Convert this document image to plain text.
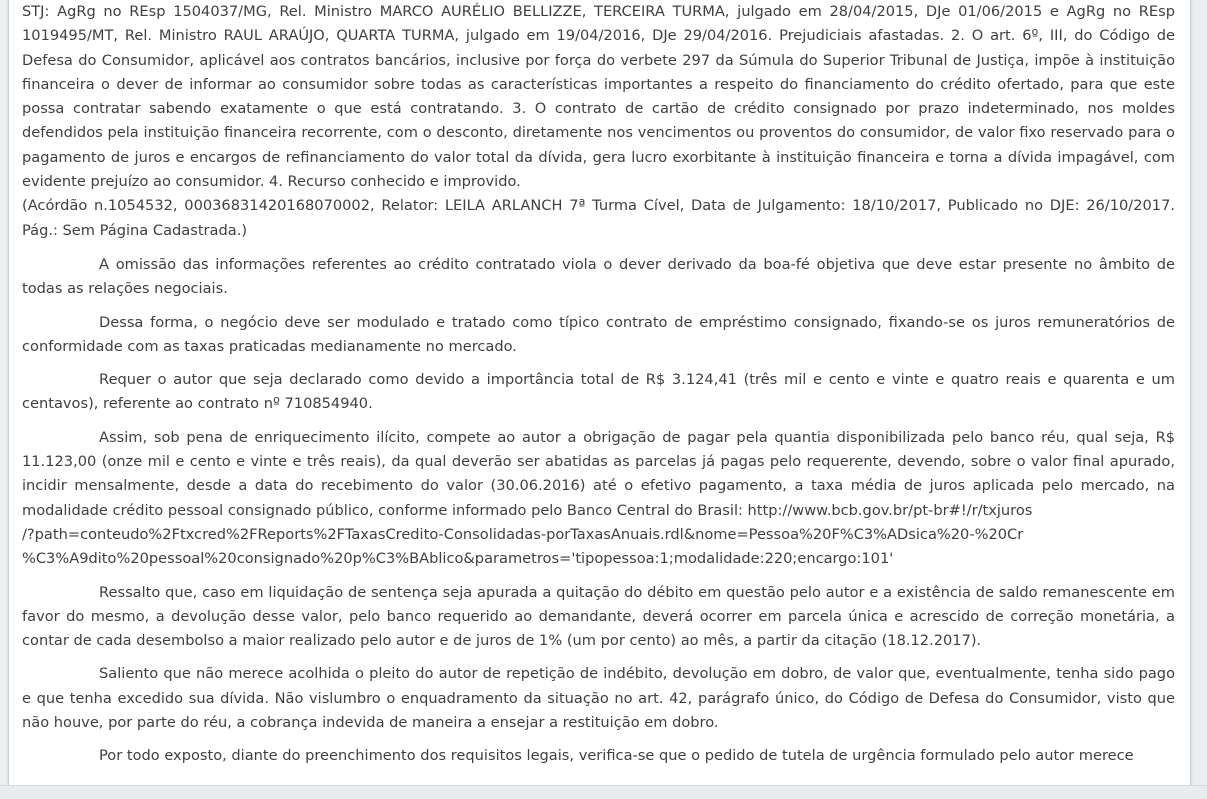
STJ: AgRg no REsp 1504037/MG, Rel. Ministro MARCO AURÉLIO BELLIZZE, TERCEIRA TURMA, julgado em 28/04/2015, DJe 01/06/2015 e AgRg no REsp 1019495/MT, Rel. Ministro RAUL ARAÚJO, QUARTA TURMA, julgado em 19/04/2016, DJe 29/04/2016. Prejudiciais afastadas. 2. O art. 6º, III, do Código de Defesa do Consumidor, aplicável aos contratos bancários, inclusive por força do verbete 297 da Súmula do Superior Tribunal de Justiça, impõe à instituição financeira o dever de informar ao consumidor sobre todas as características importantes a respeito do financiamento do crédito ofertado, para que este possa contratar sabendo exatamente o que está contratando. 3. O contrato de cartão de crédito consignado por prazo indeterminado, nos moldes defendidos pela instituição financeira recorrente, com o desconto, diretamente nos vencimentos ou proventos do consumidor, de valor fixo reservado para o pagamento de juros e encargos de refinanciamento do valor total da dívida, gera lucro exorbitante à instituição financeira e torna a dívida impagável, com evidente prejuízo ao consumidor. 4. Recurso conhecido e improvido.

(Acórdão n.1054532, 00036831420168070002, Relator: LEILA ARLANCH 7ª Turma Cível, Data de Julgamento: 18/10/2017, Publicado no DJE: 26/10/2017. Pág.: Sem Página Cadastrada.)

A omissão das informações referentes ao crédito contratado viola o dever derivado da boa-fé objetiva que deve estar presente no âmbito de todas as relações negociais.

Dessa forma, o negócio deve ser modulado e tratado como típico contrato de empréstimo consignado, fixando-se os juros remuneratórios de conformidade com as taxas praticadas medianamente no mercado.

Requer o autor que seja declarado como devido a importância total de R$ 3.124,41 (três mil e cento e vinte e quatro reais e quarenta e um centavos), referente ao contrato nº 710854940.

Assim, sob pena de enriquecimento ilícito, compete ao autor a obrigação de pagar pela quantia disponibilizada pelo banco réu, qual seja, R$ 11.123,00 (onze mil e cento e vinte e três reais), da qual deverão ser abatidas as parcelas já pagas pelo requerente, devendo, sobre o valor final apurado, incidir mensalmente, desde a data do recebimento do valor (30.06.2016) até o efetivo pagamento, a taxa média de juros aplicada pelo mercado, na modalidade crédito pessoal consignado público, conforme informado pelo Banco Central do Brasil: http://www.bcb.gov.br/pt-br#!/r/txjuros

/?path=conteudo%2Ftxcred%2FReports%2FTaxasCredito-Consolidadas-porTaxasAnuais.rdl&nome=Pessoa%20F%C3%ADsica%20-%20Cr

%C3%A9dito%20pessoal%20consignado%20p%C3%BAblico&parametros='tipopessoa:1;modalidade:220;encargo:101'

Ressalto que, caso em liquidação de sentença seja apurada a quitação do débito em questão pelo autor e a existência de saldo remanescente em favor do mesmo, a devolução desse valor, pelo banco requerido ao demandante, deverá ocorrer em parcela única e acrescido de correção monetária, a contar de cada desembolso a maior realizado pelo autor e de juros de 1% (um por cento) ao mês, a partir da citação (18.12.2017).

Saliento que não merece acolhida o pleito do autor de repetição de indébito, devolução em dobro, de valor que, eventualmente, tenha sido pago e que tenha excedido sua dívida. Não vislumbro o enquadramento da situação no art. 42, parágrafo único, do Código de Defesa do Consumidor, visto que não houve, por parte do réu, a cobrança indevida de maneira a ensejar a restituição em dobro.

Por todo exposto, diante do preenchimento dos requisitos legais, verifica-se que o pedido de tutela de urgência formulado pelo autor merece
